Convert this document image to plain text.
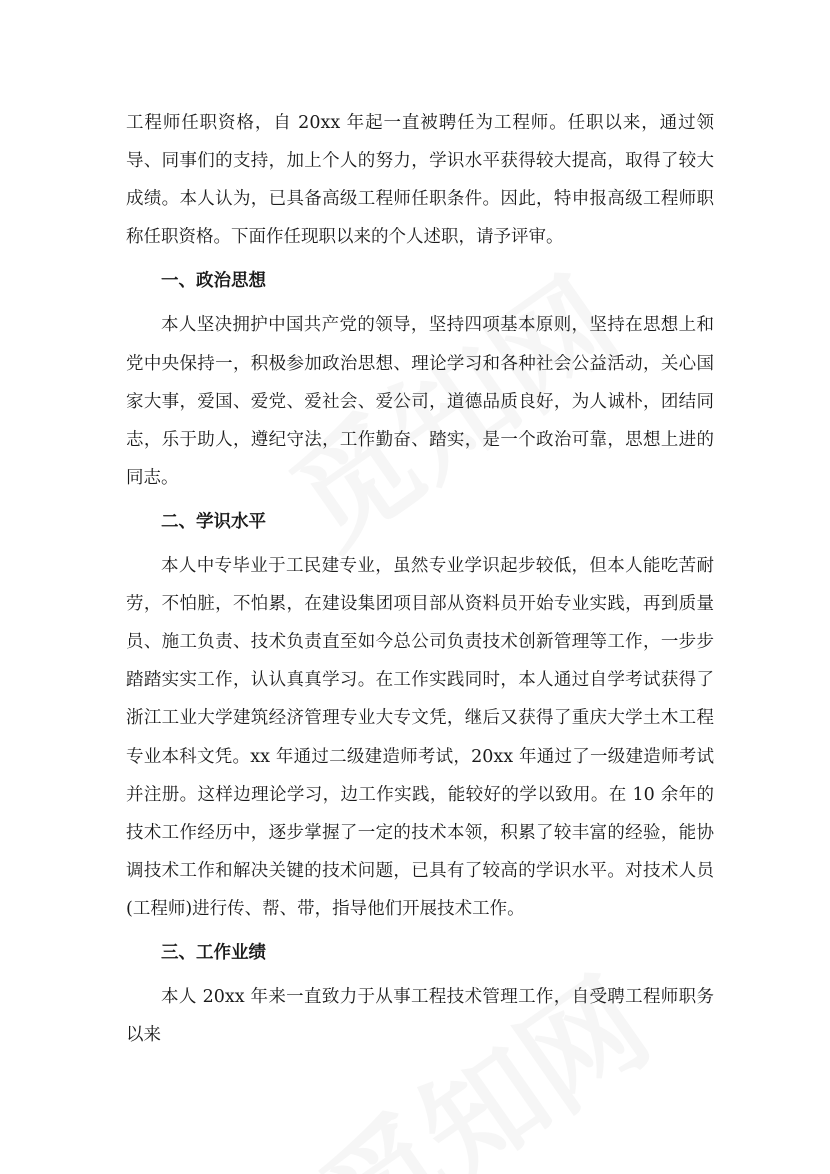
工程师任职资格，自 20xx 年起一直被聘任为工程师。任职以来，通过领导、同事们的支持，加上个人的努力，学识水平获得较大提高，取得了较大成绩。本人认为，已具备高级工程师任职条件。因此，特申报高级工程师职称任职资格。下面作任现职以来的个人述职，请予评审。

一、政治思想

本人坚决拥护中国共产党的领导，坚持四项基本原则，坚持在思想上和党中央保持一，积极参加政治思想、理论学习和各种社会公益活动，关心国家大事，爱国、爱党、爱社会、爱公司，道德品质良好，为人诚朴，团结同志，乐于助人，遵纪守法，工作勤奋、踏实，是一个政治可靠，思想上进的同志。

二、学识水平

本人中专毕业于工民建专业，虽然专业学识起步较低，但本人能吃苦耐劳，不怕脏，不怕累，在建设集团项目部从资料员开始专业实践，再到质量员、施工负责、技术负责直至如今总公司负责技术创新管理等工作，一步步踏踏实实工作，认认真真学习。在工作实践同时，本人通过自学考试获得了浙江工业大学建筑经济管理专业大专文凭，继后又获得了重庆大学土木工程专业本科文凭。xx 年通过二级建造师考试，20xx 年通过了一级建造师考试并注册。这样边理论学习，边工作实践，能较好的学以致用。在 10 余年的技术工作经历中，逐步掌握了一定的技术本领，积累了较丰富的经验，能协调技术工作和解决关键的技术问题，已具有了较高的学识水平。对技术人员(工程师)进行传、帮、带，指导他们开展技术工作。

三、工作业绩

本人 20xx 年来一直致力于从事工程技术管理工作，自受聘工程师职务以来
